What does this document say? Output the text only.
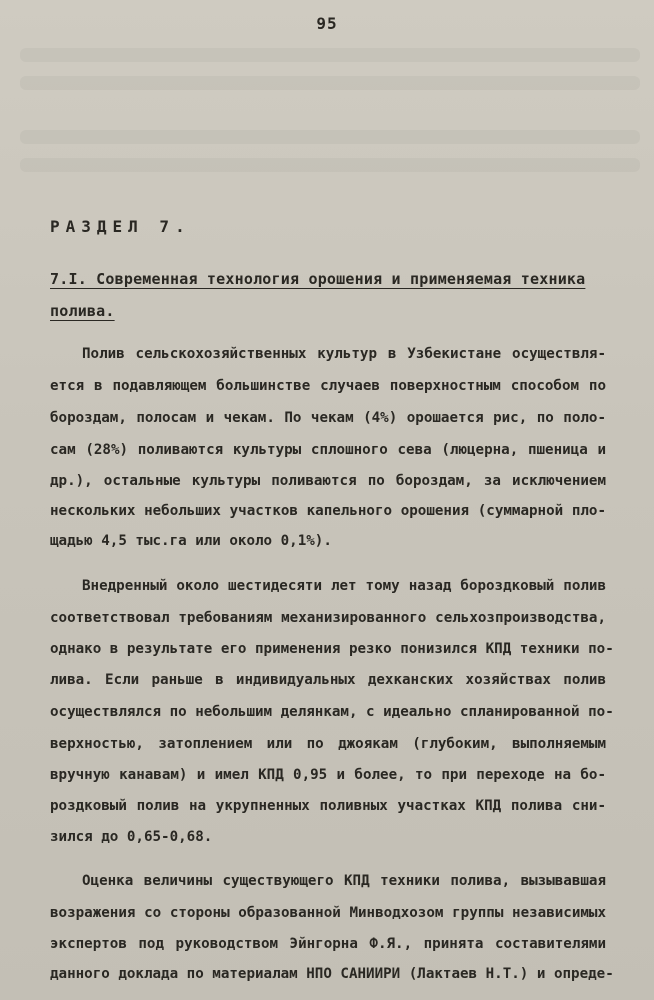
95
РАЗДЕЛ 7.
7.I. Современная технология орошения и применяемая техника
полива.
Полив сельскохозяйственных культур в Узбекистане осуществля-
ется в подавляющем большинстве случаев поверхностным способом по
бороздам, полосам и чекам. По чекам (4%) орошается рис, по поло-
сам (28%) поливаются культуры сплошного сева (люцерна, пшеница и
др.), остальные культуры поливаются по бороздам, за исключением
нескольких небольших участков капельного орошения (суммарной пло-
щадью 4,5 тыс.га или около 0,1%).
Внедренный около шестидесяти лет тому назад бороздковый полив
соответствовал требованиям механизированного сельхозпроизводства,
однако в результате его применения резко понизился КПД техники по-
лива. Если раньше в индивидуальных дехканских хозяйствах полив
осуществлялся по небольшим делянкам, с идеально спланированной по-
верхностью, затоплением или по джоякам (глубоким, выполняемым
вручную канавам) и имел КПД 0,95 и более, то при переходе на бо-
роздковый полив на укрупненных поливных участках КПД полива сни-
зился до 0,65-0,68.
Оценка величины существующего КПД техники полива, вызывавшая
возражения со стороны образованной Минводхозом группы независимых
экспертов под руководством Эйнгорна Ф.Я., принята составителями
данного доклада по материалам НПО САНИИРИ (Лактаев Н.Т.) и опреде-
